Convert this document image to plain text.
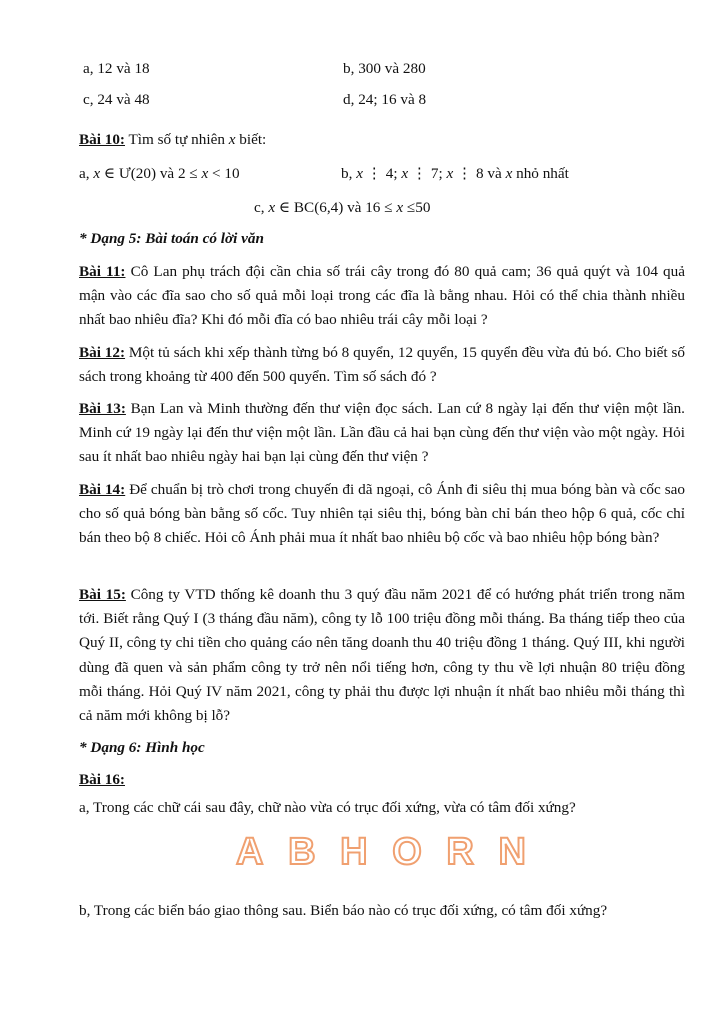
a, 12 và 18	b, 300 và 280
c, 24 và 48	d, 24; 16 và 8
Bài 10: Tìm số tự nhiên x biết:
a, x ∈ Ư(20) và 2 ≤ x < 10	b, x ⋮ 4; x ⋮ 7; x ⋮ 8 và x nhỏ nhất
c, x ∈ BC(6,4) và 16 ≤ x ≤50
* Dạng 5: Bài toán có lời văn

Bài 11: Cô Lan phụ trách đội cần chia số trái cây trong đó 80 quả cam; 36 quả quýt và 104 quả mận vào các đĩa sao cho số quả mỗi loại trong các đĩa là bằng nhau. Hỏi có thể chia thành nhiều nhất bao nhiêu đĩa? Khi đó mỗi đĩa có bao nhiêu trái cây mỗi loại ?

Bài 12: Một tủ sách khi xếp thành từng bó 8 quyển, 12 quyển, 15 quyển đều vừa đủ bó. Cho biết số sách trong khoảng từ 400 đến 500 quyển. Tìm số sách đó ?

Bài 13: Bạn Lan và Minh thường đến thư viện đọc sách. Lan cứ 8 ngày lại đến thư viện một lần. Minh cứ 19 ngày lại đến thư viện một lần. Lần đầu cả hai bạn cùng đến thư viện vào một ngày. Hỏi sau ít nhất bao nhiêu ngày hai bạn lại cùng đến thư viện ?

Bài 14: Để chuẩn bị trò chơi trong chuyến đi dã ngoại, cô Ánh đi siêu thị mua bóng bàn và cốc sao cho số quả bóng bàn bằng số cốc. Tuy nhiên tại siêu thị, bóng bàn chỉ bán theo hộp 6 quả, cốc chỉ bán theo bộ 8 chiếc. Hỏi cô Ánh phải mua ít nhất bao nhiêu bộ cốc và bao nhiêu hộp bóng bàn?

Bài 15: Công ty VTD thống kê doanh thu 3 quý đầu năm 2021 để có hướng phát triển trong năm tới. Biết rằng Quý I (3 tháng đầu năm), công ty lỗ 100 triệu đồng mỗi tháng. Ba tháng tiếp theo của Quý II, công ty chi tiền cho quảng cáo nên tăng doanh thu 40 triệu đồng 1 tháng. Quý III, khi người dùng đã quen và sản phẩm công ty trở nên nổi tiếng hơn, công ty thu về lợi nhuận 80 triệu đồng mỗi tháng. Hỏi Quý IV năm 2021, công ty phải thu được lợi nhuận ít nhất bao nhiêu mỗi tháng thì cả năm mới không bị lỗ?

* Dạng 6: Hình học
Bài 16:
a, Trong các chữ cái sau đây, chữ nào vừa có trục đối xứng, vừa có tâm đối xứng?
A B H O R N
b, Trong các biển báo giao thông sau. Biển báo nào có trục đối xứng, có tâm đối xứng?
